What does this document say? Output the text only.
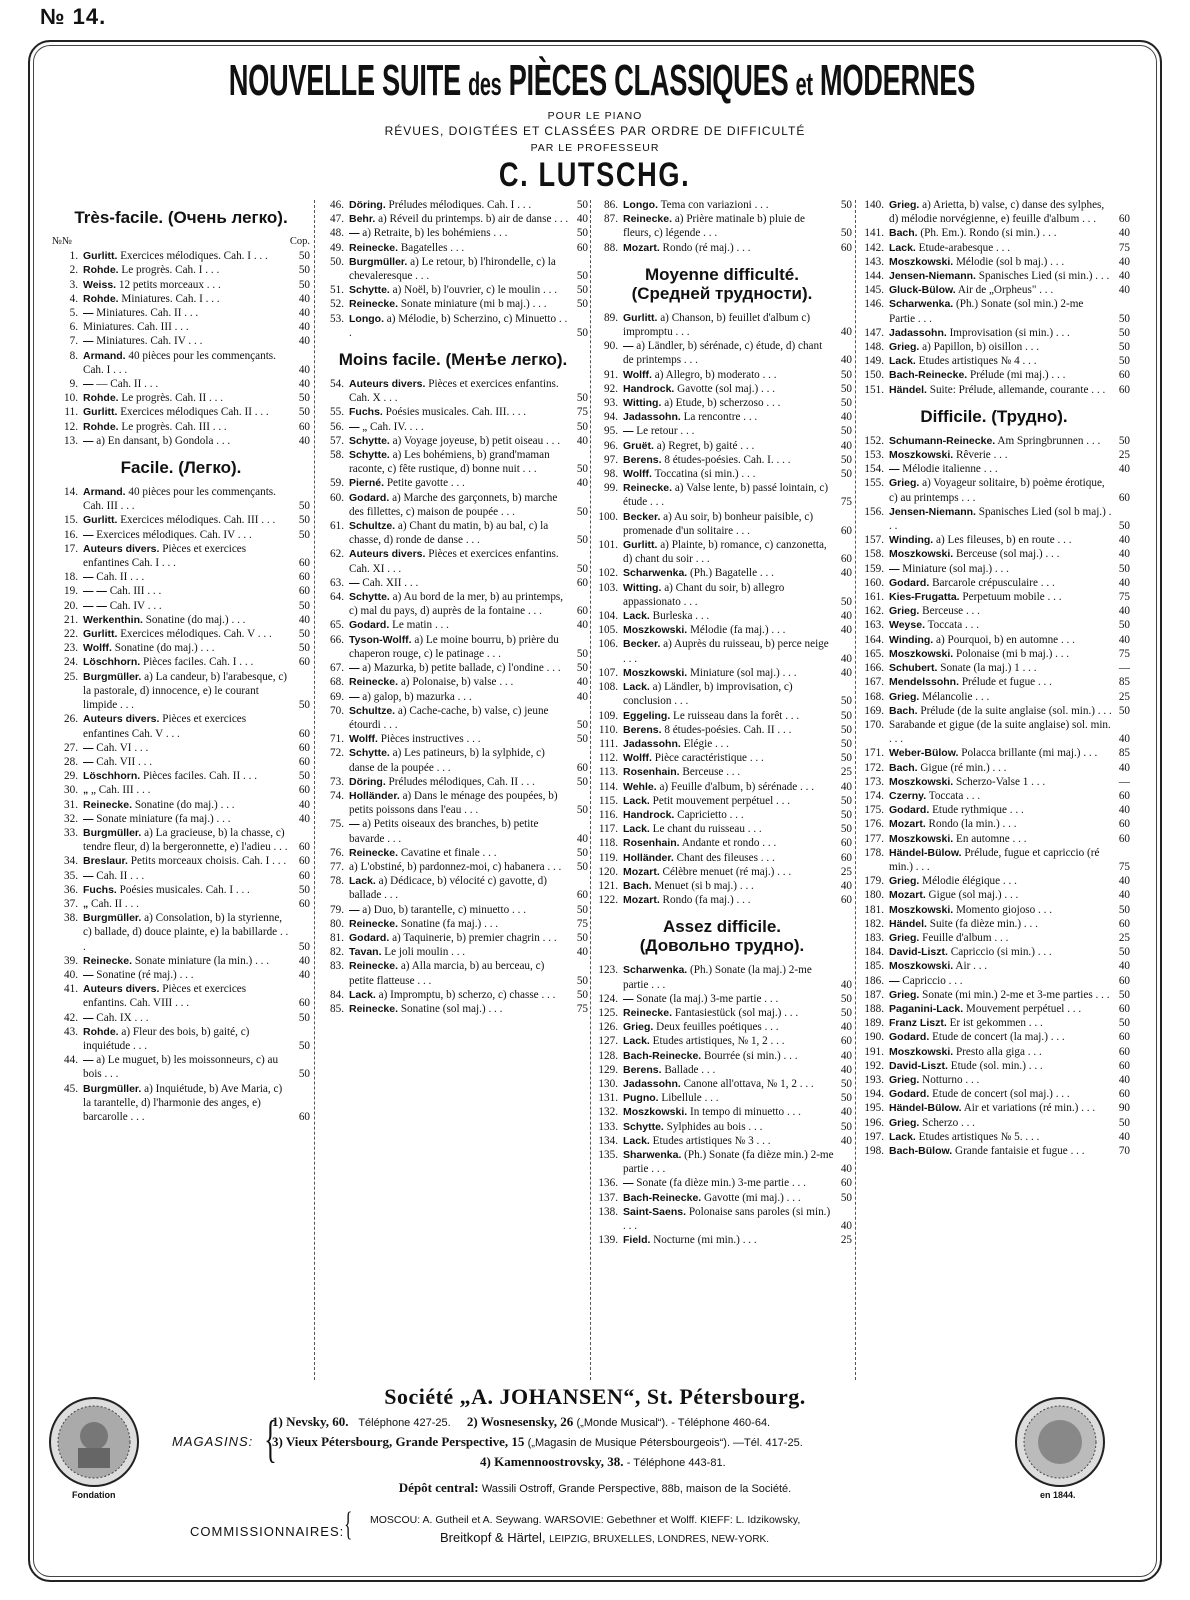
№ 14.
NOUVELLE SUITE des PIÈCES CLASSIQUES et MODERNES
POUR LE PIANO
RÉVUES, DOIGTÉES ET CLASSÉES PAR ORDRE DE DIFFICULTÉ
PAR LE PROFESSEUR
C. LUTSCHG.
Très-facile. (Очень легко).
№№	Cop.
1. Gurlitt. Exercices mélodiques. Cah. I . . .	50
2. Rohde. Le progrès. Cah. I . . .	50
3. Weiss. 12 petits morceaux . . .	50
4. Rohde. Miniatures. Cah. I . . .	40
5. — Miniatures. Cah. II . . .	40
6. Miniatures. Cah. III . . .	40
7. — Miniatures. Cah. IV . . .	40
8. Armand. 40 pièces pour les commençants. Cah. I . . .	40
9. — — Cah. II . . .	40
10. Rohde. Le progrès. Cah. II . . .	50
11. Gurlitt. Exercices mélodiques Cah. II . . .	50
12. Rohde. Le progrès. Cah. III . . .	60
13. — a) En dansant, b) Gondola . . .	40
Facile. (Легко).
14. Armand. 40 pièces pour les commençants. Cah. III . . .	50
15. Gurlitt. Exercices mélodiques. Cah. III . . .	50
16. — Exercices mélodiques. Cah. IV . . .	50
17. Auteurs divers. Pièces et exercices enfantines Cah. I . . .	60
18. — Cah. II . . .	60
19. — — Cah. III . . .	60
20. — — Cah. IV . . .	50
21. Werkenthin. Sonatine (do maj.) . . .	40
22. Gurlitt. Exercices mélodiques. Cah. V . . .	50
23. Wolff. Sonatine (do maj.) . . .	50
24. Löschhorn. Pièces faciles. Cah. I . . .	60
25. Burgmüller. a) La candeur, b) l'arabesque, c) la pastorale, d) innocence, e) le courant limpide . . .	50
26. Auteurs divers. Pièces et exercices enfantines Cah. V . . .	60
27. — Cah. VI . . .	60
28. — Cah. VII . . .	60
29. Löschhorn. Pièces faciles. Cah. II . . .	50
30. „ „ Cah. III . . .	60
31. Reinecke. Sonatine (do maj.) . . .	40
32. — Sonate miniature (fa maj.) . . .	40
33. Burgmüller. a) La gracieuse, b) la chasse, c) tendre fleur, d) la bergeronnette, e) l'adieu . . .	60
34. Breslaur. Petits morceaux choisis. Cah. I . . .	60
35. — Cah. II . . .	60
36. Fuchs. Poésies musicales. Cah. I . . .	50
37. „ Cah. II . . .	60
38. Burgmüller. a) Consolation, b) la styrienne, c) ballade, d) douce plainte, e) la babillarde . . .	50
39. Reinecke. Sonate miniature (la min.) . . .	40
40. — Sonatine (ré maj.) . . .	40
41. Auteurs divers. Pièces et exercices enfantins. Cah. VIII . . .	60
42. — Cah. IX . . .	50
43. Rohde. a) Fleur des bois, b) gaité, c) inquiétude . . .	50
44. — a) Le muguet, b) les moissonneurs, c) au bois . . .	50
45. Burgmüller. a) Inquiétude, b) Ave Maria, c) la tarantelle, d) l'harmonie des anges, e) barcarolle . . .	60
46. Döring. Préludes mélodiques. Cah. I . . .	50
47. Behr. a) Réveil du printemps. b) air de danse . . . 40
48. — a) Retraite, b) les bohémiens . . .	50
49. Reinecke. Bagatelles . . .	60
50. Burgmüller. a) Le retour, b) l'hirondelle, c) la chevaleresque . . .	50
51. Schytte. a) Noël, b) l'ouvrier, c) le moulin . . .	50
52. Reinecke. Sonate miniature (mi b maj.) . . .	50
53. Longo. a) Mélodie, b) Scherzino, c) Minuetto . . .	50
Moins facile. (Менѣе легко).
54. Auteurs divers. Pièces et exercices enfantins. Cah. X . . .	50
55. Fuchs. Poésies musicales. Cah. III. . . .	75
56. — „ Cah. IV. . . .	50
57. Schytte. a) Voyage joyeuse, b) petit oiseau . . .	40
58. Schytte. a) Les bohémiens, b) grand'maman raconte, c) fête rustique, d) bonne nuit . . .	50
59. Pierné. Petite gavotte . . .	40
60. Godard. a) Marche des garçonnets, b) marche des fillettes, c) maison de poupée . . .	50
61. Schultze. a) Chant du matin, b) au bal, c) la chasse, d) ronde de danse . . .	50
62. Auteurs divers. Pièces et exercices enfantins. Cah. XI . . .	50
63. — Cah. XII . . .	60
64. Schytte. a) Au bord de la mer, b) au printemps, c) mal du pays, d) auprès de la fontaine . . .	60
65. Godard. Le matin . . .	40
66. Tyson-Wolff. a) Le moine bourru, b) prière du chaperon rouge, c) le patinage . . .	50
67. — a) Mazurka, b) petite ballade, c) l'ondine . . .	50
68. Reinecke. a) Polonaise, b) valse . . .	40
69. — a) galop, b) mazurka . . .	40
70. Schultze. a) Cache-cache, b) valse, c) jeune étourdi . . .	50
71. Wolff. Pièces instructives . . .	50
72. Schytte. a) Les patineurs, b) la sylphide, c) danse de la poupée . . .	60
73. Döring. Préludes mélodiques, Cah. II . . .	50
74. Holländer. a) Dans le ménage des poupées, b) petits poissons dans l'eau . . .	50
75. — a) Petits oiseaux des branches, b) petite bavarde . . .	40
76. Reinecke. Cavatine et finale . . .	50
77. a) L'obstiné, b) pardonnez-moi, c) habanera . . .	50
78. Lack. a) Dédicace, b) vélocité c) gavotte, d) ballade . . .	60
79. — a) Duo, b) tarantelle, c) minuetto . . .	50
80. Reinecke. Sonatine (fa maj.) . . .	75
81. Godard. a) Taquinerie, b) premier chagrin . . .	50
82. Tavan. Le joli moulin . . .	40
83. Reinecke. a) Alla marcia, b) au berceau, c) petite flatteuse . . .	50
84. Lack. a) Impromptu, b) scherzo, c) chasse . . .	50
85. Reinecke. Sonatine (sol maj.) . . .	75
86. Longo. Tema con variazioni . . .	50
87. Reinecke. a) Prière matinale b) pluie de fleurs, c) légende . . .	50
88. Mozart. Rondo (ré maj.) . . .	60
Moyenne difficulté.
(Средней трудности).
89. Gurlitt. a) Chanson, b) feuillet d'album c) impromptu . . .	40
90. — a) Ländler, b) sérénade, c) étude, d) chant de printemps . . .	40
91. Wolff. a) Allegro, b) moderato . . .	50
92. Handrock. Gavotte (sol maj.) . . .	50
93. Witting. a) Etude, b) scherzoso . . .	50
94. Jadassohn. La rencontre . . .	40
95. — Le retour . . .	50
96. Gruët. a) Regret, b) gaité . . .	40
97. Berens. 8 études-poésies. Cah. I. . . .	50
98. Wolff. Toccatina (si min.) . . .	50
99. Reinecke. a) Valse lente, b) passé lointain, c) étude . . .	75
100. Becker. a) Au soir, b) bonheur paisible, c) promenade d'un solitaire . . .	60
101. Gurlitt. a) Plainte, b) romance, c) canzonetta, d) chant du soir . . .	60
102. Scharwenka. (Ph.) Bagatelle . . .	40
103. Witting. a) Chant du soir, b) allegro appassionato . . .	50
104. Lack. Burleska . . .	40
105. Moszkowski. Mélodie (fa maj.) . . .	40
106. Becker. a) Auprès du ruisseau, b) perce neige . . .	40
107. Moszkowski. Miniature (sol maj.) . . .	40
108. Lack. a) Ländler, b) improvisation, c) conclusion . . .	50
109. Eggeling. Le ruisseau dans la forêt . . .	50
110. Berens. 8 études-poésies. Cah. II . . .	50
111. Jadassohn. Elégie . . .	50
112. Wolff. Pièce caractéristique . . .	50
113. Rosenhain. Berceuse . . .	25
114. Wehle. a) Feuille d'album, b) sérénade . . .	40
115. Lack. Petit mouvement perpétuel . . .	50
116. Handrock. Capricietto . . .	50
117. Lack. Le chant du ruisseau . . .	50
118. Rosenhain. Andante et rondo . . .	60
119. Holländer. Chant des fileuses . . .	60
120. Mozart. Célèbre menuet (ré maj.) . . .	25
121. Bach. Menuet (si b maj.) . . .	40
122. Mozart. Rondo (fa maj.) . . .	60
Assez difficile.
(Довольно трудно).
123. Scharwenka. (Ph.) Sonate (la maj.) 2-me partie . . .	40
124. — Sonate (la maj.) 3-me partie . . .	50
125. Reinecke. Fantasiestück (sol maj.) . . .	50
126. Grieg. Deux feuilles poétiques . . .	40
127. Lack. Etudes artistiques, № 1, 2 . . .	60
128. Bach-Reinecke. Bourrée (si min.) . . .	40
129. Berens. Ballade . . .	40
130. Jadassohn. Canone all'ottava, № 1, 2 . . .	50
131. Pugno. Libellule . . .	50
132. Moszkowski. In tempo di minuetto . . .	40
133. Schytte. Sylphides au bois . . .	50
134. Lack. Etudes artistiques № 3 . . .	40
135. Sharwenka. (Ph.) Sonate (fa dièze min.) 2-me partie . . .	40
136. — Sonate (fa dièze min.) 3-me partie . . .	60
137. Bach-Reinecke. Gavotte (mi maj.) . . .	50
138. Saint-Saens. Polonaise sans paroles (si min.) . . .	40
139. Field. Nocturne (mi min.) . . .	25
140. Grieg. a) Arietta, b) valse, c) danse des sylphes, d) mélodie norvégienne, e) feuille d'album . . .	60
141. Bach. (Ph. Em.). Rondo (si min.) . . .	40
142. Lack. Etude-arabesque . . .	75
143. Moszkowski. Mélodie (sol b maj.) . . .	40
144. Jensen-Niemann. Spanisches Lied (si min.) . . . 40
145. Gluck-Bülow. Air de „Orpheus" . . .	40
146. Scharwenka. (Ph.) Sonate (sol min.) 2-me Partie . . .	50
147. Jadassohn. Improvisation (si min.) . . .	50
148. Grieg. a) Papillon, b) oisillon . . .	50
149. Lack. Etudes artistiques № 4 . . .	50
150. Bach-Reinecke. Prélude (mi maj.) . . .	60
151. Händel. Suite: Prélude, allemande, courante . . .	60
Difficile. (Трудно).
152. Schumann-Reinecke. Am Springbrunnen . . .	50
153. Moszkowski. Rêverie . . .	25
154. — Mélodie italienne . . .	40
155. Grieg. a) Voyageur solitaire, b) poème érotique, c) au printemps . . .	60
156. Jensen-Niemann. Spanisches Lied (sol b maj.) . . .	50
157. Winding. a) Les fileuses, b) en route . . .	40
158. Moszkowski. Berceuse (sol maj.) . . .	40
159. — Miniature (sol maj.) . . .	50
160. Godard. Barcarole crépusculaire . . .	40
161. Kies-Frugatta. Perpetuum mobile . . .	75
162. Grieg. Berceuse . . .	40
163. Weyse. Toccata . . .	50
164. Winding. a) Pourquoi, b) en automne . . .	40
165. Moszkowski. Polonaise (mi b maj.) . . .	75
166. Schubert. Sonate (la maj.) 1 . . .	—
167. Mendelssohn. Prélude et fugue . . .	85
168. Grieg. Mélancolie . . .	25
169. Bach. Prélude (de la suite anglaise (sol. min.) . . . 50
170. Sarabande et gigue (de la suite anglaise) sol. min. . . .	40
171. Weber-Bülow. Polacca brillante (mi maj.) . . .	85
172. Bach. Gigue (ré min.) . . .	40
173. Moszkowski. Scherzo-Valse 1 . . .	—
174. Czerny. Toccata . . .	60
175. Godard. Etude rythmique . . .	40
176. Mozart. Rondo (la min.) . . .	60
177. Moszkowski. En automne . . .	60
178. Händel-Bülow. Prélude, fugue et capriccio (ré min.) . . .	75
179. Grieg. Mélodie élégique . . .	40
180. Mozart. Gigue (sol maj.) . . .	40
181. Moszkowski. Momento giojoso . . .	50
182. Händel. Suite (fa dièze min.) . . .	60
183. Grieg. Feuille d'album . . .	25
184. David-Liszt. Capriccio (si min.) . . .	50
185. Moszkowski. Air . . .	40
186. — Capriccio . . .	60
187. Grieg. Sonate (mi min.) 2-me et 3-me parties . . . 50
188. Paganini-Lack. Mouvement perpétuel . . .	60
189. Franz Liszt. Er ist gekommen . . .	50
190. Godard. Etude de concert (la maj.) . . .	60
191. Moszkowski. Presto alla giga . . .	60
192. David-Liszt. Etude (sol. min.) . . .	60
193. Grieg. Notturno . . .	40
194. Godard. Etude de concert (sol maj.) . . .	60
195. Händel-Bülow. Air et variations (ré min.) . . .	90
196. Grieg. Scherzo . . .	50
197. Lack. Etudes artistiques № 5. . . .	40
198. Bach-Bülow. Grande fantaisie et fugue . . .	70
Fondation	en 1844.
Société „A. JOHANSEN“, St. Pétersbourg.
MAGASINS: {
1) Nevsky, 60. Téléphone 427-25. 2) Wosnesensky, 26 („Monde Musical“). - Téléphone 460-64.
3) Vieux Pétersbourg, Grande Perspective, 15 („Magasin de Musique Pétersbourgeois“). —Tél. 417-25.
4) Kamennoostrovsky, 38. - Téléphone 443-81.
Dépôt central: Wassili Ostroff, Grande Perspective, 88b, maison de la Société.
COMMISSIONNAIRES: { MOSCOU: A. Gutheil et A. Seywang. WARSOVIE: Gebethner et Wolff. KIEFF: L. Idzikowsky,
Breitkopf & Härtel, LEIPZIG, BRUXELLES, LONDRES, NEW-YORK.
